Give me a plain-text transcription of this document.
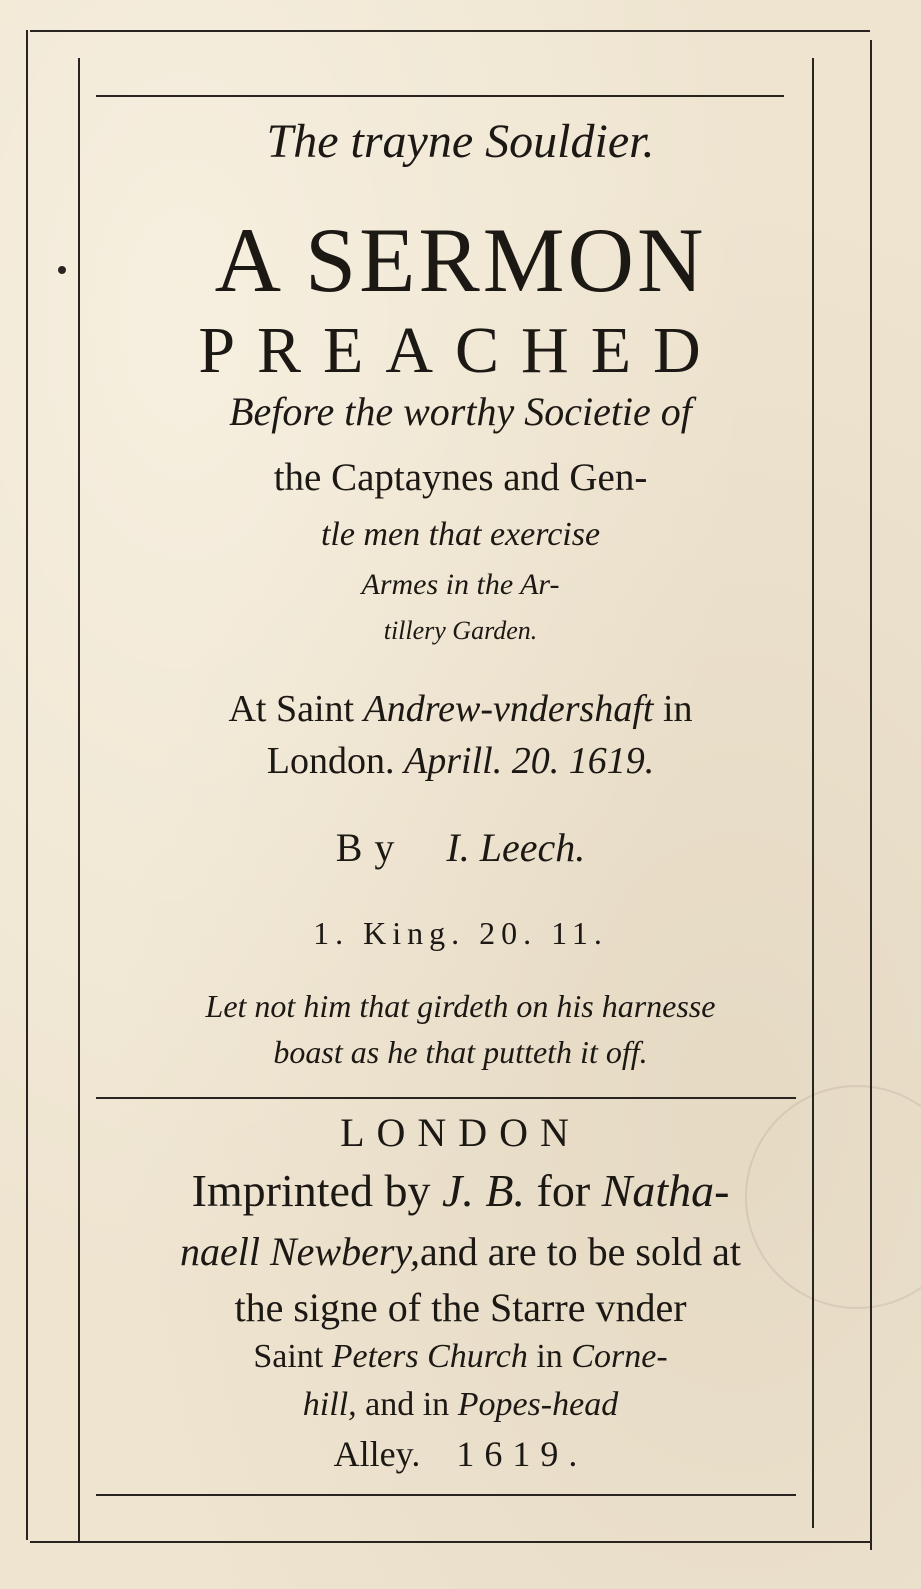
The trayne Souldier.
A SERMON
PREACHED
Before the worthy Societie of
the Captaynes and Gen-
tle men that exercise
Armes in the Ar-
tillery Garden.
At Saint Andrew-vndershaft in
London. Aprill. 20. 1619.
By I. Leech.
1. King. 20. 11.
Let not him that girdeth on his harnesse
boast as he that putteth it off.
LONDON
Imprinted by J. B. for Natha-
naell Newbery,and are to be sold at
the signe of the Starre vnder
Saint Peters Church in Corne-
hill, and in Popes-head
Alley. 1619.
